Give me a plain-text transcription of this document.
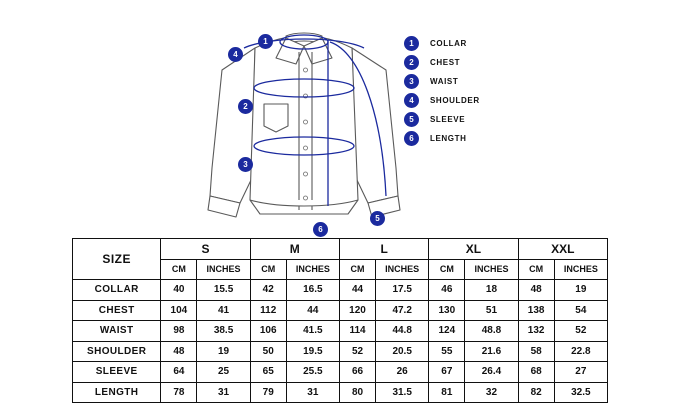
1
2
3
4
5
6
1	COLLAR
2	CHEST
3	WAIST
4	SHOULDER
5	SLEEVE
6	LENGTH
SIZE	S		M		L		XL		XXL	
	CM	INCHES	CM	INCHES	CM	INCHES	CM	INCHES	CM	INCHES
COLLAR	40	15.5	42	16.5	44	17.5	46	18	48	19
CHEST	104	41	112	44	120	47.2	130	51	138	54
WAIST	98	38.5	106	41.5	114	44.8	124	48.8	132	52
SHOULDER	48	19	50	19.5	52	20.5	55	21.6	58	22.8
SLEEVE	64	25	65	25.5	66	26	67	26.4	68	27
LENGTH	78	31	79	31	80	31.5	81	32	82	32.5
